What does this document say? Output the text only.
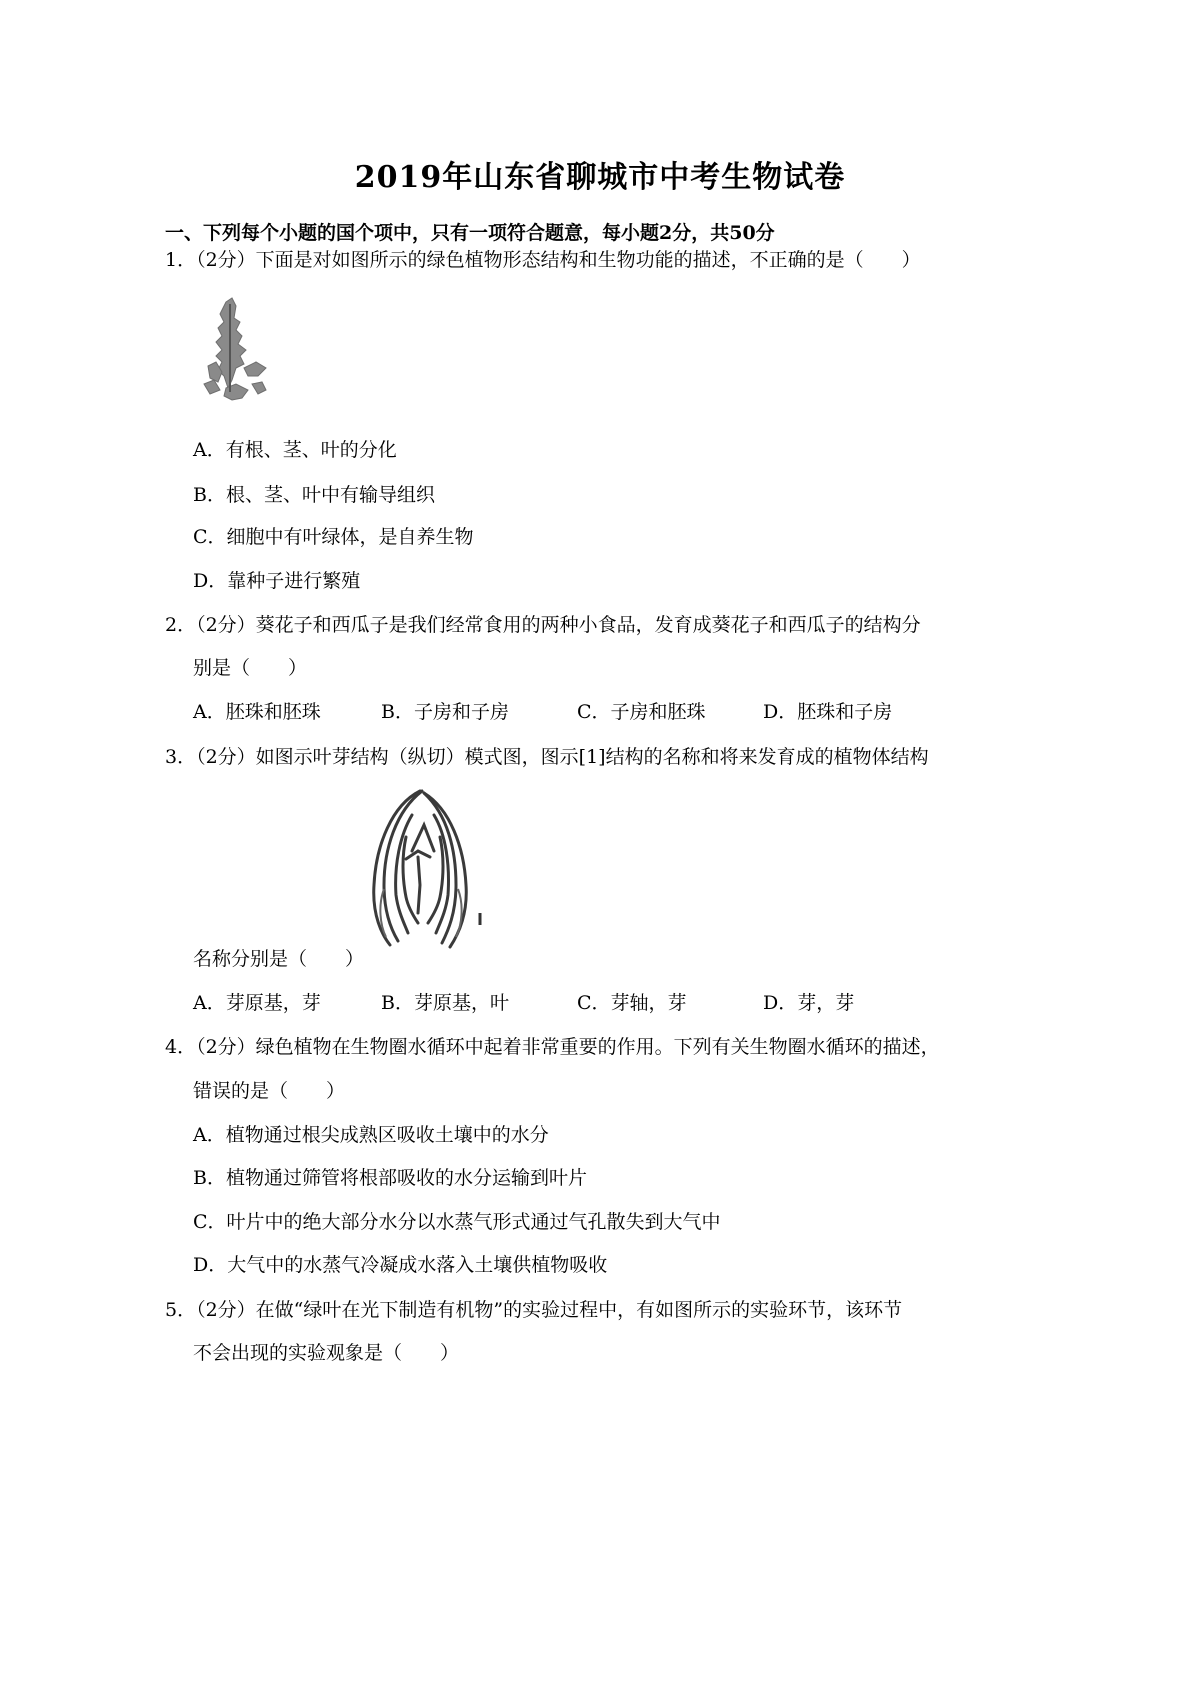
2019年山东省聊城市中考生物试卷
一、下列每个小题的国个项中，只有一项符合题意，每小题2分，共50分
1．（2分）下面是对如图所示的绿色植物形态结构和生物功能的描述，不正确的是（　　）
A．有根、茎、叶的分化
B．根、茎、叶中有输导组织
C．细胞中有叶绿体，是自养生物
D．靠种子进行繁殖
2．（2分）葵花子和西瓜子是我们经常食用的两种小食品，发育成葵花子和西瓜子的结构分
别是（　　）
A．胚珠和胚珠	B．子房和子房	C．子房和胚珠	D．胚珠和子房
3．（2分）如图示叶芽结构（纵切）模式图，图示[1]结构的名称和将来发育成的植物体结构
名称分别是（　　）
A．芽原基，芽	B．芽原基，叶	C．芽轴，芽	D．芽，芽
4．（2分）绿色植物在生物圈水循环中起着非常重要的作用。下列有关生物圈水循环的描述，
错误的是（　　）
A．植物通过根尖成熟区吸收土壤中的水分
B．植物通过筛管将根部吸收的水分运输到叶片
C．叶片中的绝大部分水分以水蒸气形式通过气孔散失到大气中
D．大气中的水蒸气冷凝成水落入土壤供植物吸收
5．（2分）在做“绿叶在光下制造有机物”的实验过程中，有如图所示的实验环节，该环节
不会出现的实验观象是（　　）
